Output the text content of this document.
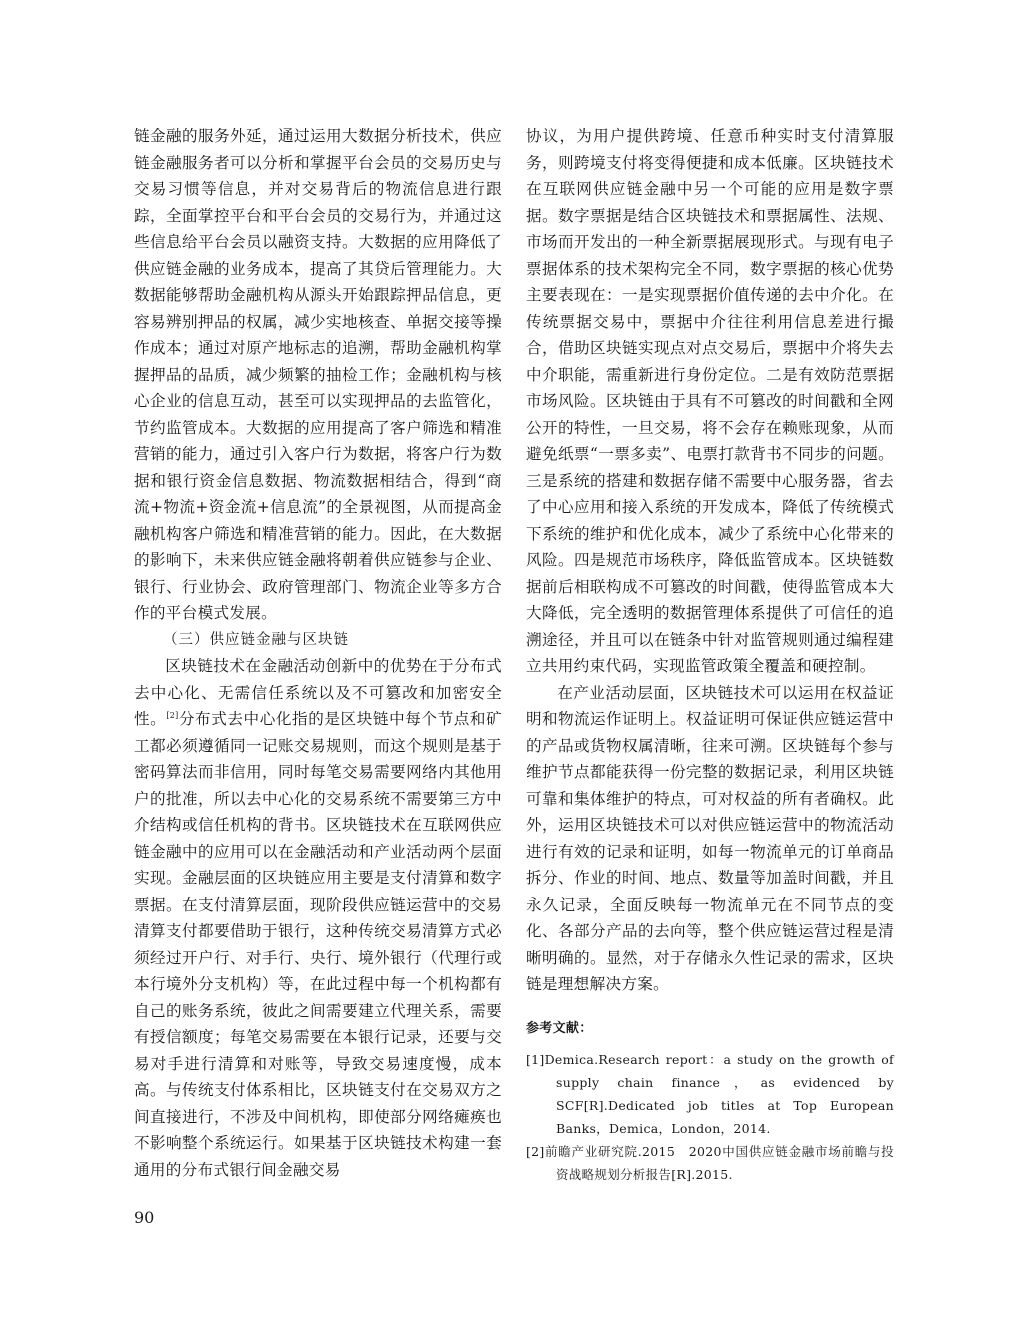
链金融的服务外延，通过运用大数据分析技术，供应链金融服务者可以分析和掌握平台会员的交易历史与交易习惯等信息，并对交易背后的物流信息进行跟踪，全面掌控平台和平台会员的交易行为，并通过这些信息给平台会员以融资支持。大数据的应用降低了供应链金融的业务成本，提高了其贷后管理能力。大数据能够帮助金融机构从源头开始跟踪押品信息，更容易辨别押品的权属，减少实地核查、单据交接等操作成本；通过对原产地标志的追溯，帮助金融机构掌握押品的品质，减少频繁的抽检工作；金融机构与核心企业的信息互动，甚至可以实现押品的去监管化，节约监管成本。大数据的应用提高了客户筛选和精准营销的能力，通过引入客户行为数据，将客户行为数据和银行资金信息数据、物流数据相结合，得到“商流+物流+资金流+信息流”的全景视图，从而提高金融机构客户筛选和精准营销的能力。因此，在大数据的影响下，未来供应链金融将朝着供应链参与企业、银行、行业协会、政府管理部门、物流企业等多方合作的平台模式发展。

（三）供应链金融与区块链

区块链技术在金融活动创新中的优势在于分布式去中心化、无需信任系统以及不可篡改和加密安全性。[2]分布式去中心化指的是区块链中每个节点和矿工都必须遵循同一记账交易规则，而这个规则是基于密码算法而非信用，同时每笔交易需要网络内其他用户的批准，所以去中心化的交易系统不需要第三方中介结构或信任机构的背书。区块链技术在互联网供应链金融中的应用可以在金融活动和产业活动两个层面实现。金融层面的区块链应用主要是支付清算和数字票据。在支付清算层面，现阶段供应链运营中的交易清算支付都要借助于银行，这种传统交易清算方式必须经过开户行、对手行、央行、境外银行（代理行或本行境外分支机构）等，在此过程中每一个机构都有自己的账务系统，彼此之间需要建立代理关系，需要有授信额度；每笔交易需要在本银行记录，还要与交易对手进行清算和对账等，导致交易速度慢，成本高。与传统支付体系相比，区块链支付在交易双方之间直接进行，不涉及中间机构，即使部分网络瘫痪也不影响整个系统运行。如果基于区块链技术构建一套通用的分布式银行间金融交易

协议，为用户提供跨境、任意币种实时支付清算服务，则跨境支付将变得便捷和成本低廉。区块链技术在互联网供应链金融中另一个可能的应用是数字票据。数字票据是结合区块链技术和票据属性、法规、市场而开发出的一种全新票据展现形式。与现有电子票据体系的技术架构完全不同，数字票据的核心优势主要表现在：一是实现票据价值传递的去中介化。在传统票据交易中，票据中介往往利用信息差进行撮合，借助区块链实现点对点交易后，票据中介将失去中介职能，需重新进行身份定位。二是有效防范票据市场风险。区块链由于具有不可篡改的时间戳和全网公开的特性，一旦交易，将不会存在赖账现象，从而避免纸票“一票多卖”、电票打款背书不同步的问题。三是系统的搭建和数据存储不需要中心服务器，省去了中心应用和接入系统的开发成本，降低了传统模式下系统的维护和优化成本，减少了系统中心化带来的风险。四是规范市场秩序，降低监管成本。区块链数据前后相联构成不可篡改的时间戳，使得监管成本大大降低，完全透明的数据管理体系提供了可信任的追溯途径，并且可以在链条中针对监管规则通过编程建立共用约束代码，实现监管政策全覆盖和硬控制。

在产业活动层面，区块链技术可以运用在权益证明和物流运作证明上。权益证明可保证供应链运营中的产品或货物权属清晰，往来可溯。区块链每个参与维护节点都能获得一份完整的数据记录，利用区块链可靠和集体维护的特点，可对权益的所有者确权。此外，运用区块链技术可以对供应链运营中的物流活动进行有效的记录和证明，如每一物流单元的订单商品拆分、作业的时间、地点、数量等加盖时间戳，并且永久记录，全面反映每一物流单元在不同节点的变化、各部分产品的去向等，整个供应链运营过程是清晰明确的。显然，对于存储永久性记录的需求，区块链是理想解决方案。

参考文献：

[1]Demica.Research report：a study on the growth of supply chain finance，as evidenced by SCF[R].Dedicated job titles at Top European Banks，Demica，London，2014.

[2]前瞻产业研究院.2015　2020中国供应链金融市场前瞻与投资战略规划分析报告[R].2015.

90
